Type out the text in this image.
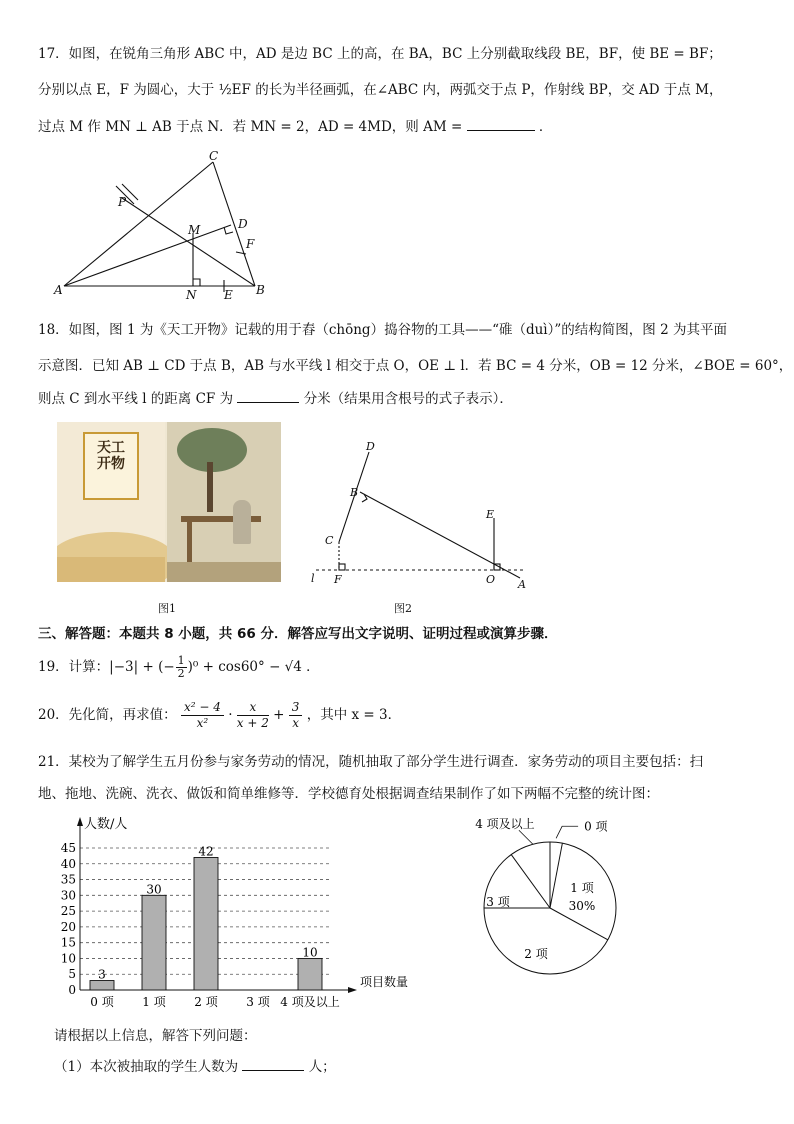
17．如图，在锐角三角形 ABC 中，AD 是边 BC 上的高，在 BA，BC 上分别截取线段 BE，BF，使 BE = BF；
分别以点 E，F 为圆心，大于 ½EF 的长为半径画弧，在∠ABC 内，两弧交于点 P，作射线 BP，交 AD 于点 M，
过点 M 作 MN ⊥ AB 于点 N．若 MN = 2，AD = 4MD，则 AM =	．
C
P
M	D
F
A	N E B
18．如图，图 1 为《天工开物》记载的用于舂（chōng）捣谷物的工具——“碓（duì）”的结构简图，图 2 为其平面
示意图．已知 AB ⊥ CD 于点 B，AB 与水平线 l 相交于点 O，OE ⊥ l．若 BC = 4 分米，OB = 12 分米，∠BOE = 60°，
则点 C 到水平线 l 的距离 CF 为	分米（结果用含根号的式子表示）．
天工开物
图1
D
B
E
C
l F	O A
图2
三、解答题：本题共 8 小题，共 66 分．解答应写出文字说明、证明过程或演算步骤．
19．计算：|−3| + (− $\frac{1}{2} )^0 + \cos 60^\circ - √4$ ．
20．先化简，再求值： $\frac{\text{x² − 4}}{\text{x²}} \cdot \frac{x}{x + 2} + \frac{3}{x}$ ，其中 x = 3．
21．某校为了解学生五月份参与家务劳动的情况，随机抽取了部分学生进行调查．家务劳动的项目主要包括：扫
地、拖地、洗碗、洗衣、做饭和简单维修等．学校德育处根据调查结果制作了如下两幅不完整的统计图：
0
5
10
15
20
25
30
35
40
45
人数/人
项目数量
3
0 项
30
1 项
42
2 项 3 项
10
4 项及以上
0 项
1 项
30%
2 项
3 项
4 项及以上
请根据以上信息，解答下列问题：
（1）本次被抽取的学生人数为	人；
